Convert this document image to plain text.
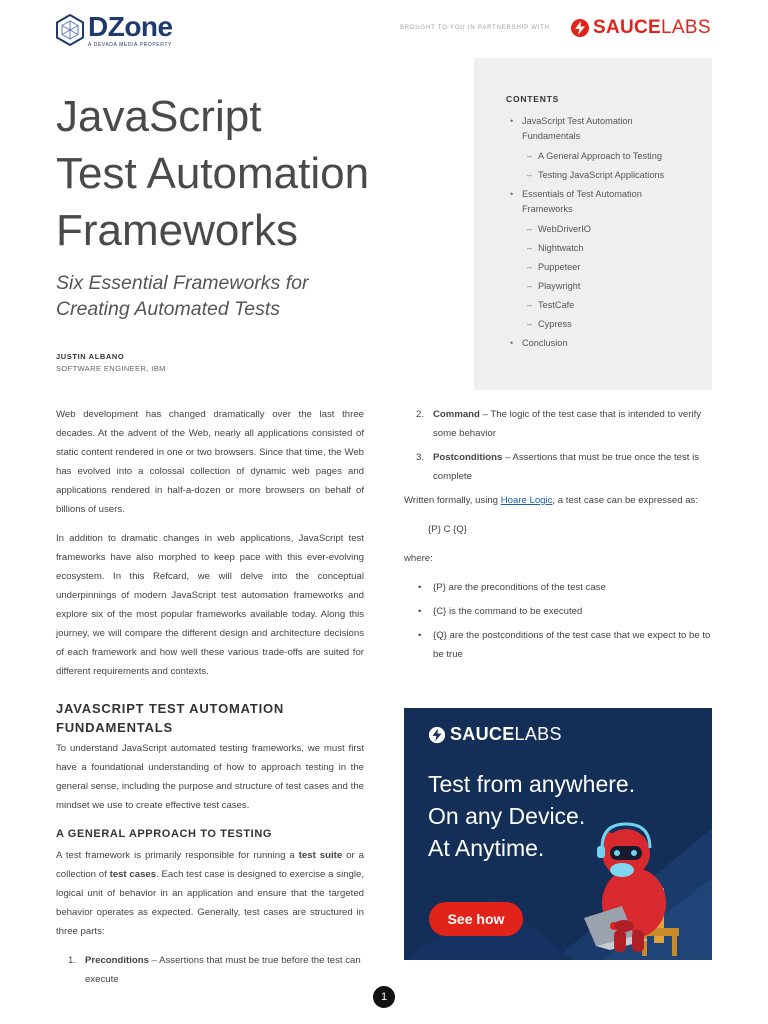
DZone
A DEVADA MEDIA PROPERTY
BROUGHT TO YOU IN PARTNERSHIP WITH SAUCELABS
JavaScript
Test Automation
Frameworks
Six Essential Frameworks for Creating Automated Tests
JUSTIN ALBANO
SOFTWARE ENGINEER, IBM
CONTENTS
• JavaScript Test Automation Fundamentals
– A General Approach to Testing
– Testing JavaScript Applications
• Essentials of Test Automation Frameworks
– WebDriverIO
– Nightwatch
– Puppeteer
– Playwright
– TestCafe
– Cypress
• Conclusion

Web development has changed dramatically over the last three decades. At the advent of the Web, nearly all applications consisted of static content rendered in one or two browsers. Since that time, the Web has evolved into a colossal collection of dynamic web pages and applications rendered in half-a-dozen or more browsers on behalf of billions of users.

In addition to dramatic changes in web applications, JavaScript test frameworks have also morphed to keep pace with this ever-evolving ecosystem. In this Refcard, we will delve into the conceptual underpinnings of modern JavaScript test automation frameworks and explore six of the most popular frameworks available today. Along this journey, we will compare the different design and architecture decisions of each framework and how well these various trade-offs are suited for different requirements and contexts.

JAVASCRIPT TEST AUTOMATION FUNDAMENTALS

To understand JavaScript automated testing frameworks, we must first have a foundational understanding of how to approach testing in the general sense, including the purpose and structure of test cases and the mindset we use to create effective test cases.

A GENERAL APPROACH TO TESTING

A test framework is primarily responsible for running a test suite or a collection of test cases. Each test case is designed to exercise a single, logical unit of behavior in an application and ensure that the targeted behavior operates as expected. Generally, test cases are structured in three parts:

1. Preconditions – Assertions that must be true before the test can execute
2. Command – The logic of the test case that is intended to verify some behavior
3. Postconditions – Assertions that must be true once the test is complete

Written formally, using Hoare Logic, a test case can be expressed as:

{P} C {Q}

where:

• {P} are the preconditions of the test case
• {C} is the command to be executed
• {Q} are the postconditions of the test case that we expect to be to be true
SAUCELABS
Test from anywhere.
On any Device.
At Anytime.
See how
1
